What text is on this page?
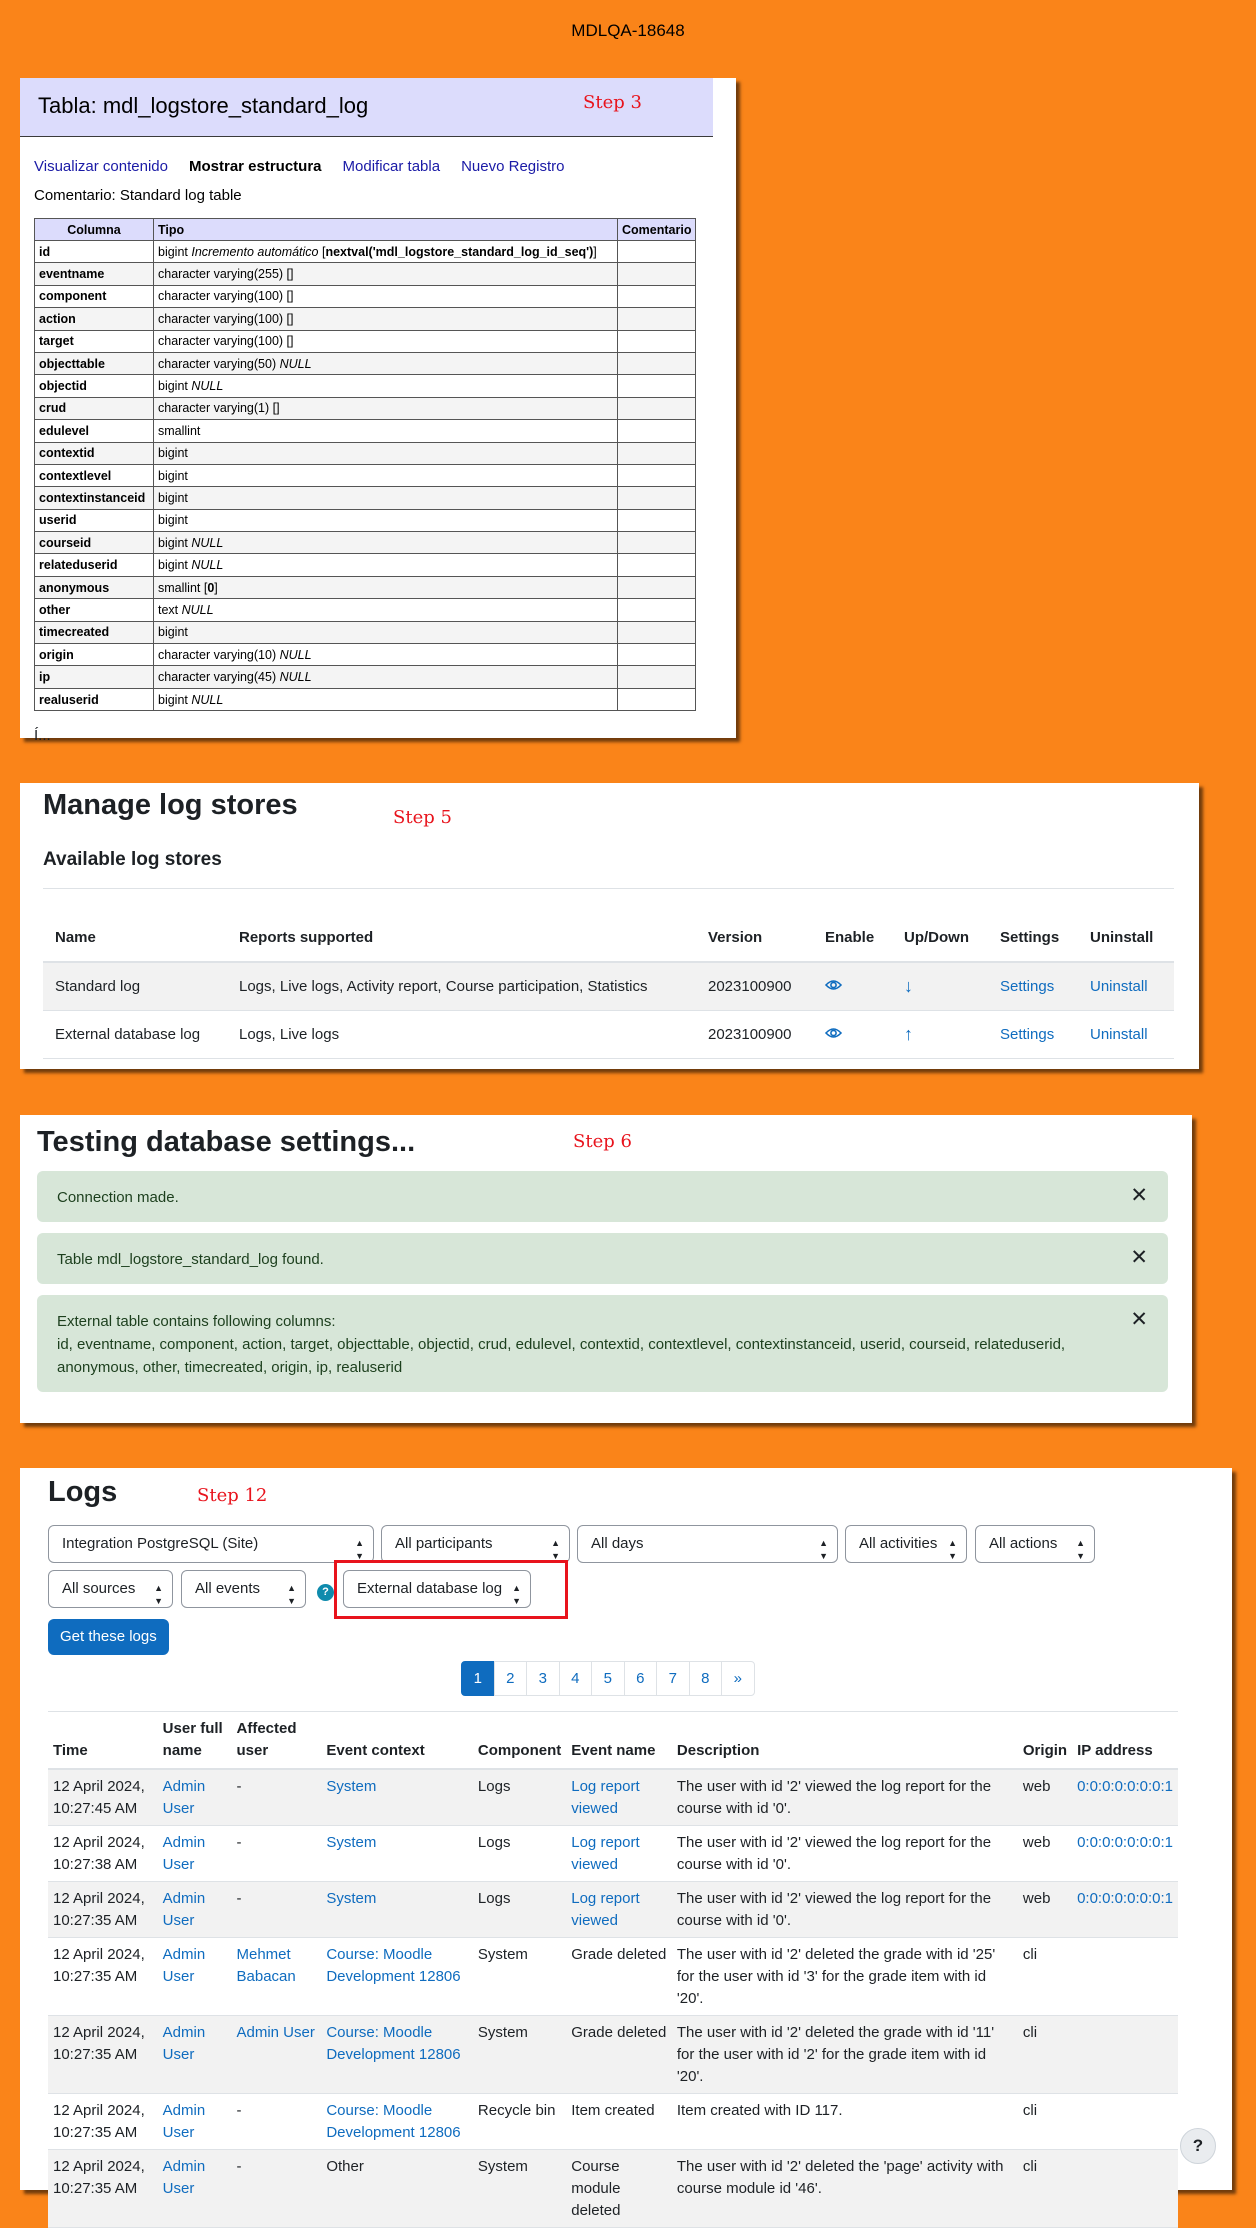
MDLQA-18648
Tabla: mdl_logstore_standard_log	Step 3
Visualizar contenido Mostrar estructura Modificar tabla Nuevo Registro
Comentario: Standard log table
Columna	Tipo	Comentario
id	bigint Incremento automático [nextval('mdl_logstore_standard_log_id_seq')]	
eventname	character varying(255) []	
component	character varying(100) []	
action	character varying(100) []	
target	character varying(100) []	
objecttable	character varying(50) NULL	
objectid	bigint NULL	
crud	character varying(1) []	
edulevel	smallint	
contextid	bigint	
contextlevel	bigint	
contextinstanceid	bigint	
userid	bigint	
courseid	bigint NULL	
relateduserid	bigint NULL	
anonymous	smallint [0]	
other	text NULL	
timecreated	bigint	
origin	character varying(10) NULL	
ip	character varying(45) NULL	
realuserid	bigint NULL	
Í...
Manage log stores	Step 5
Available log stores
Name	Reports supported	Version	Enable	Up/Down	Settings	Uninstall
Standard log	Logs, Live logs, Activity report, Course participation, Statistics	2023100900		↓	Settings	Uninstall
External database log	Logs, Live logs	2023100900		↑	Settings	Uninstall
Testing database settings...	Step 6
Connection made.	✕
Table mdl_logstore_standard_log found.	✕
External table contains following columns:
id, eventname, component, action, target, objecttable, objectid, crud, edulevel, contextid, contextlevel, contextinstanceid, userid, courseid, relateduserid, anonymous, other, timecreated, origin, ip, realuserid
✕
Logs	Step 12
Integration PostgreSQL (Site)	▲
▼
All participants	▲
▼
All days	▲
▼
All activities ▲
▼
All actions ▲
▼
All sources ▲
▼
All events	▲
▼
?	External database log ▲
▼
Get these logs
1	2	3	4	5	6	7	8	»
Time	User full name	Affected user	Event context	Component	Event name	Description	Origin	IP address
12 April 2024, 10:27:45 AM	Admin User	-	System	Logs	Log report viewed	The user with id '2' viewed the log report for the course with id '0'.	web	0:0:0:0:0:0:0:1
12 April 2024, 10:27:38 AM	Admin User	-	System	Logs	Log report viewed	The user with id '2' viewed the log report for the course with id '0'.	web	0:0:0:0:0:0:0:1
12 April 2024, 10:27:35 AM	Admin User	-	System	Logs	Log report viewed	The user with id '2' viewed the log report for the course with id '0'.	web	0:0:0:0:0:0:0:1
12 April 2024, 10:27:35 AM	Admin User	Mehmet Babacan	Course: Moodle Development 12806	System	Grade deleted	The user with id '2' deleted the grade with id '25' for the user with id '3' for the grade item with id '20'.	cli	
12 April 2024, 10:27:35 AM	Admin User	Admin User	Course: Moodle Development 12806	System	Grade deleted	The user with id '2' deleted the grade with id '11' for the user with id '2' for the grade item with id '20'.	cli	
12 April 2024, 10:27:35 AM	Admin User	-	Course: Moodle Development 12806	Recycle bin	Item created	Item created with ID 117.	cli	
12 April 2024, 10:27:35 AM	Admin User	-	Other	System	Course module deleted	The user with id '2' deleted the 'page' activity with course module id '46'.	cli	
?
